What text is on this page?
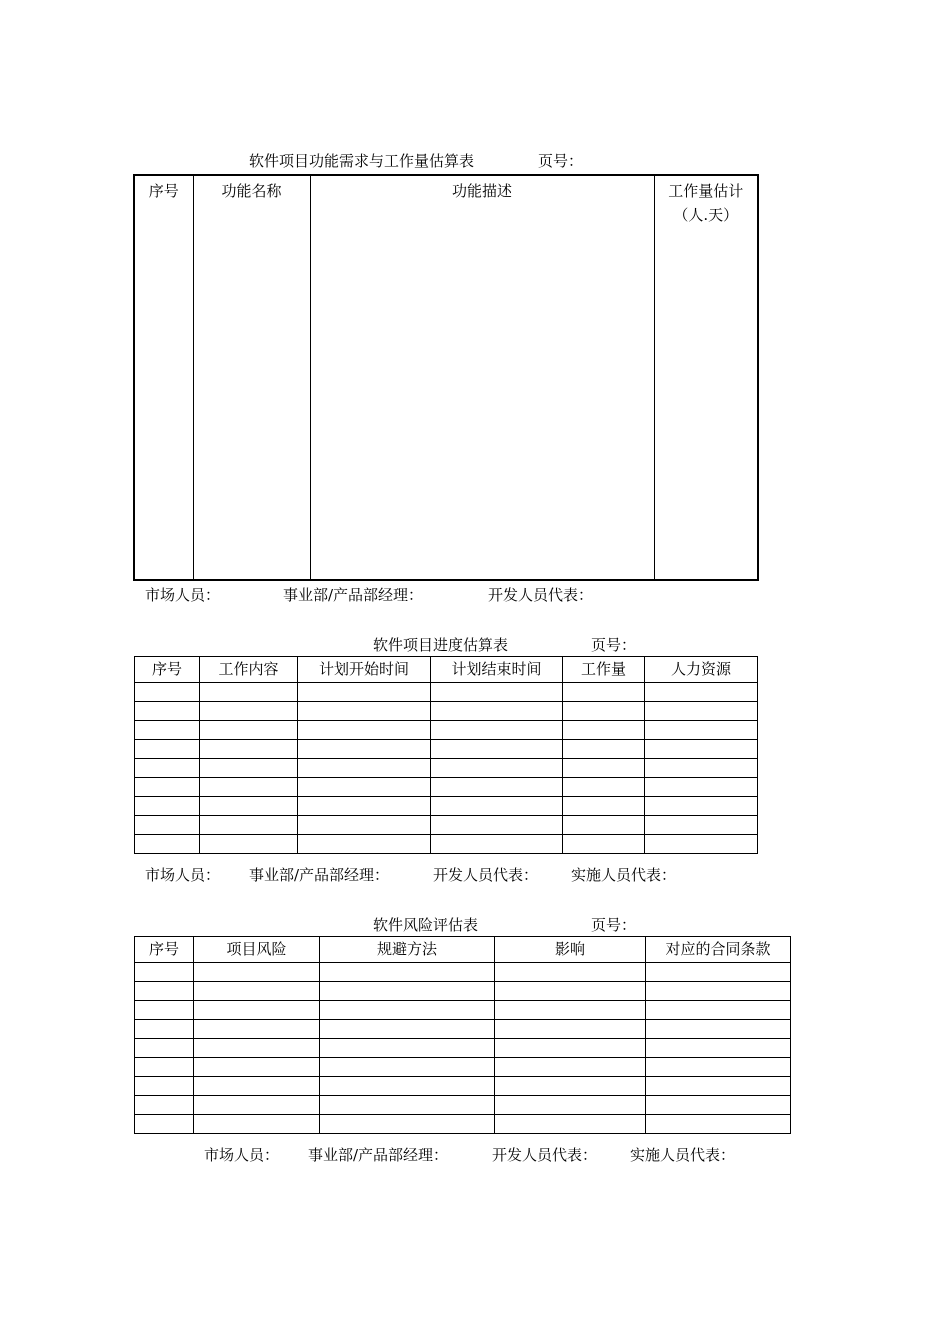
软件项目功能需求与工作量估算表	页号：
序号	功能名称	功能描述	工作量估计
（人.天）
市场人员：	事业部/产品部经理：	开发人员代表：
软件项目进度估算表	页号：
序号	工作内容	计划开始时间	计划结束时间	工作量	人力资源

市场人员： 事业部/产品部经理：	开发人员代表： 实施人员代表：
软件风险评估表	页号：
序号	项目风险	规避方法	影响	对应的合同条款

市场人员： 事业部/产品部经理：	开发人员代表： 实施人员代表：
